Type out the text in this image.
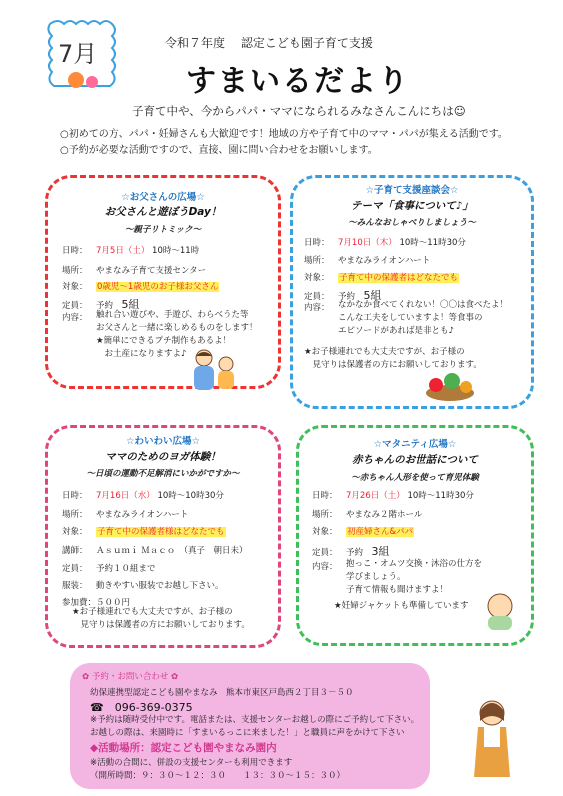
7月	令和７年度　 認定こども園子育て支援
すまいるだより
子育て中や、今からパパ・ママになられるみなさんこんにちは☺
○初めての方、パパ・妊婦さんも大歓迎です！地域の方や子育て中のママ・パパが集える活動です。
○予約が必要な活動ですので、直接、園に問い合わせをお願いします。
☆お父さんの広場☆
お父さんと遊ぼうDay！
～親子リトミック～
日時： 7月5日（土） 10時～11時
場所： やまなみ子育て支援センター
対象： 0歳児～1歳児のお子様お父さん
定員： 予約　5組
内容： 触れ合い遊びや、手遊び、わらべうた等
お父さんと一緒に楽しめるものをします！
★簡単にできるプチ制作もあるよ！
　お土産になりますよ♪
☆子育て支援座談会☆
テーマ「食事について♪」
～みんなおしゃべりしましょう～
日時： 7月10日（木） 10時～11時30分
場所： やまなみライオンハート
対象： 子育て中の保護者はどなたでも
定員： 予約　5組
内容： なかなか食べてくれない！〇〇は食べたよ！
こんな工夫をしていますよ！等食事の
エピソードがあれば是非とも♪
★お子様連れでも大丈夫ですが、お子様の
　見守りは保護者の方にお願いしております。
☆わいわい広場☆
ママのためのヨガ体験！
～日頃の運動不足解消にいかがですか～
日時： 7月16日（水） 10時～10時30分
場所： やまなみライオンハート
対象： 子育て中の保護者様はどなたでも
講師： Ａｓｕｍｉ Ｍａｃｏ　（真子　朝日未）
定員： 予約１０組まで
服装： 動きやすい服装でお越し下さい。
参加費：５００円
★お子様連れでも大丈夫ですが、お子様の
　見守りは保護者の方にお願いしております。
☆マタニティ広場☆
赤ちゃんのお世話について
～赤ちゃん人形を使って育児体験
日時： 7月26日（土） 10時～11時30分
場所： やまなみ２階ホール
対象： 初産婦さん&パパ
定員： 予約　3組
内容： 抱っこ・オムツ交換・沐浴の仕方を
学びましょう。
子育て情報も聞けますよ！
★妊婦ジャケットも準備しています
✿ 予約・お問い合わせ ✿
幼保連携型認定こども園やまなみ　熊本市東区戸島西２丁目３－５０
☎　096-369-0375
※予約は随時受付中です。電話または、支援センターお越しの際にご予約して下さい。
お越しの際は、来園時に「すまいるっこに来ました！」と職員に声をかけて下さい
◆活動場所：認定こども園やまなみ園内
※活動の合間に、併設の支援センターも利用できます
（開所時間：９：３０～１２：３０　　１３：３０～１５：３０）
